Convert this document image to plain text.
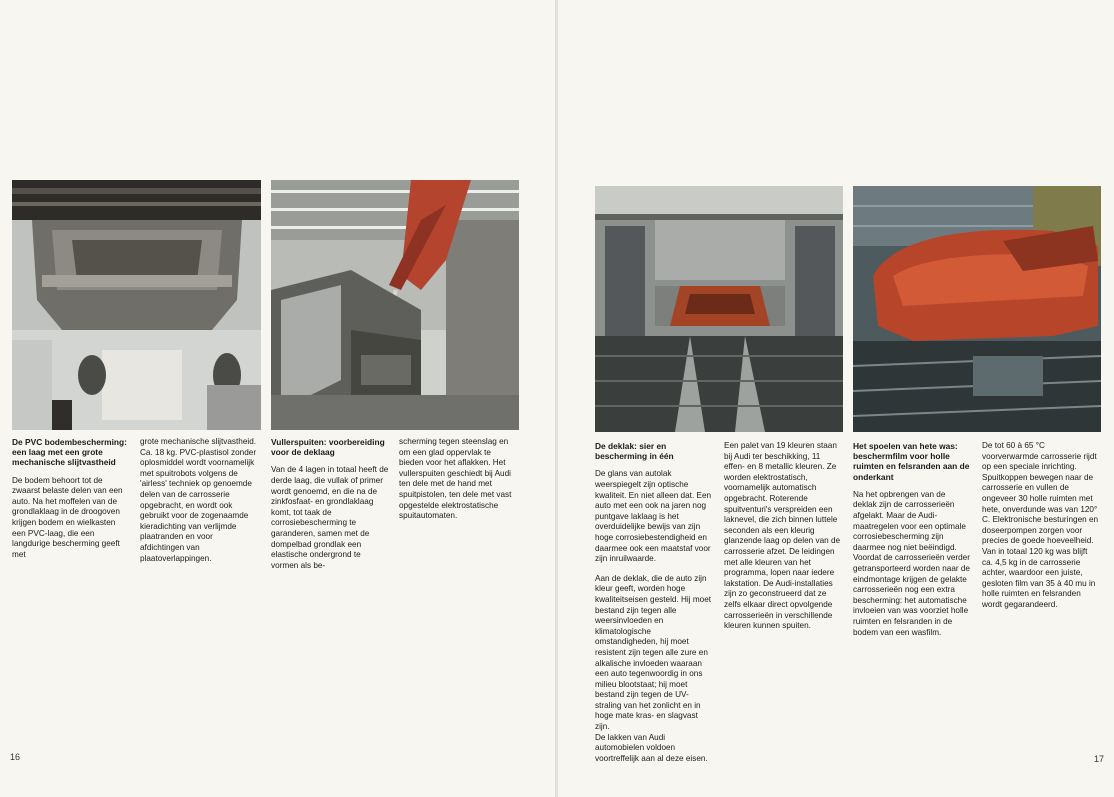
De PVC bodembescherming: een laag met een grote mechanische slijtvastheid

De bodem behoort tot de zwaarst belaste delen van een auto. Na het moffelen van de grondlaklaag in de droogoven krijgen bodem en wielkasten een PVC-laag, die een langdurige bescherming geeft met

grote mechanische slijtvastheid. Ca. 18 kg. PVC-plastisol zonder oplosmiddel wordt voornamelijk met spuitrobots volgens de 'airless' techniek op genoemde delen van de carrosserie opgebracht, en wordt ook gebruikt voor de zogenaamde kieradichting van verlijmde plaatranden en voor afdichtingen van plaatoverlappingen.

Vullerspuiten: voorbereiding voor de deklaag

Van de 4 lagen in totaal heeft de derde laag, die vullak of primer wordt genoemd, en die na de zinkfosfaat- en grondlaklaag komt, tot taak de corrosiebescherming te garanderen, samen met de dompelbad grondlak een elastische ondergrond te vormen als be-

scherming tegen steenslag en om een glad oppervlak te bieden voor het aflakken. Het vullerspuiten geschiedt bij Audi ten dele met de hand met spuitpistolen, ten dele met vast opgestelde elektrostatische spuitautomaten.

16
De deklak: sier en bescherming in één

De glans van autolak weerspiegelt zijn optische kwaliteit. En niet alleen dat. Een auto met een ook na jaren nog puntgave laklaag is het overduidelijke bewijs van zijn hoge corrosiebestendigheid en daarmee ook een maatstaf voor zijn inruilwaarde.

Aan de deklak, die de auto zijn kleur geeft, worden hoge kwaliteitseisen gesteld. Hij moet bestand zijn tegen alle weersinvloeden en klimatologische omstandigheden, hij moet resistent zijn tegen alle zure en alkalische invloeden waaraan een auto tegenwoordig in ons milieu blootstaat; hij moet bestand zijn tegen de UV-straling van het zonlicht en in hoge mate kras- en slagvast zijn.
De lakken van Audi automobielen voldoen voortreffelijk aan al deze eisen.

Een palet van 19 kleuren staan bij Audi ter beschikking, 11 effen- en 8 metallic kleuren. Ze worden elektrostatisch, voornamelijk automatisch opgebracht. Roterende spuitventuri's verspreiden een laknevel, die zich binnen luttele seconden als een kleurig glanzende laag op delen van de carrosserie afzet. De leidingen met alle kleuren van het programma, lopen naar iedere lakstation. De Audi-installaties zijn zo geconstrueerd dat ze zelfs elkaar direct opvolgende carrosserieën in verschillende kleuren kunnen spuiten.

Het spoelen van hete was: beschermfilm voor holle ruimten en felsranden aan de onderkant

Na het opbrengen van de deklak zijn de carrosserieën afgelakt. Maar de Audi-maatregelen voor een optimale corrosiebescherming zijn daarmee nog niet beëindigd. Voordat de carrosserieën verder getransporteerd worden naar de eindmontage krijgen de gelakte carrosserieën nog een extra bescherming: het automatische invloeien van was voorziet holle ruimten en felsranden in de bodem van een wasfilm.

De tot 60 à 65 °C voorverwarmde carrosserie rijdt op een speciale inrichting. Spuitkoppen bewegen naar de carrosserie en vullen de ongeveer 30 holle ruimten met hete, onverdunde was van 120° C. Elektronische besturingen en doseerpompen zorgen voor precies de goede hoeveelheid. Van in totaal 120 kg was blijft ca. 4,5 kg in de carrosserie achter, waardoor een juiste, gesloten film van 35 à 40 mu in holle ruimten en felsranden wordt gegarandeerd.

17
